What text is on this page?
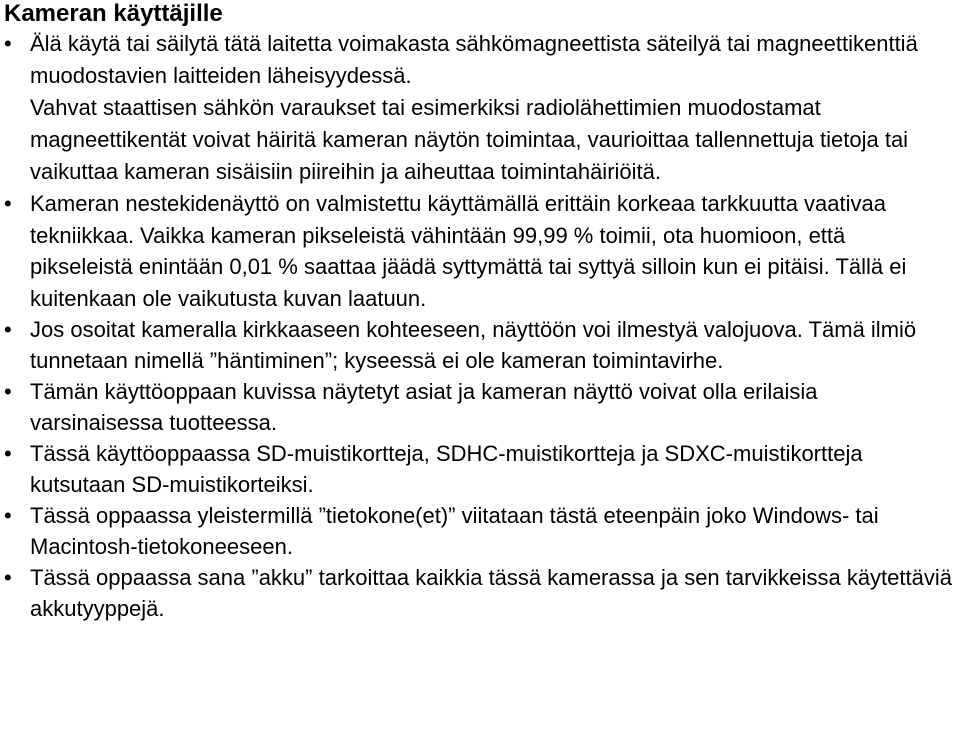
Kameran käyttäjille
• Älä käytä tai säilytä tätä laitetta voimakasta sähkömagneettista säteilyä tai magneettikenttiä muodostavien laitteiden läheisyydessä.
Vahvat staattisen sähkön varaukset tai esimerkiksi radiolähettimien muodostamat magneettikentät voivat häiritä kameran näytön toimintaa, vaurioittaa tallennettuja tietoja tai vaikuttaa kameran sisäisiin piireihin ja aiheuttaa toimintahäiriöitä.
• Kameran nestekidenäyttö on valmistettu käyttämällä erittäin korkeaa tarkkuutta vaativaa tekniikkaa. Vaikka kameran pikseleistä vähintään 99,99 % toimii, ota huomioon, että pikseleistä enintään 0,01 % saattaa jäädä syttymättä tai syttyä silloin kun ei pitäisi. Tällä ei kuitenkaan ole vaikutusta kuvan laatuun.
• Jos osoitat kameralla kirkkaaseen kohteeseen, näyttöön voi ilmestyä valojuova. Tämä ilmiö tunnetaan nimellä ”häntiminen”; kyseessä ei ole kameran toimintavirhe.
• Tämän käyttöoppaan kuvissa näytetyt asiat ja kameran näyttö voivat olla erilaisia varsinaisessa tuotteessa.
• Tässä käyttöoppaassa SD-muistikortteja, SDHC-muistikortteja ja SDXC-muistikortteja kutsutaan SD-muistikorteiksi.
• Tässä oppaassa yleistermillä ”tietokone(et)” viitataan tästä eteenpäin joko Windows- tai Macintosh-tietokoneeseen.
• Tässä oppaassa sana ”akku” tarkoittaa kaikkia tässä kamerassa ja sen tarvikkeissa käytettäviä akkutyyppejä.
